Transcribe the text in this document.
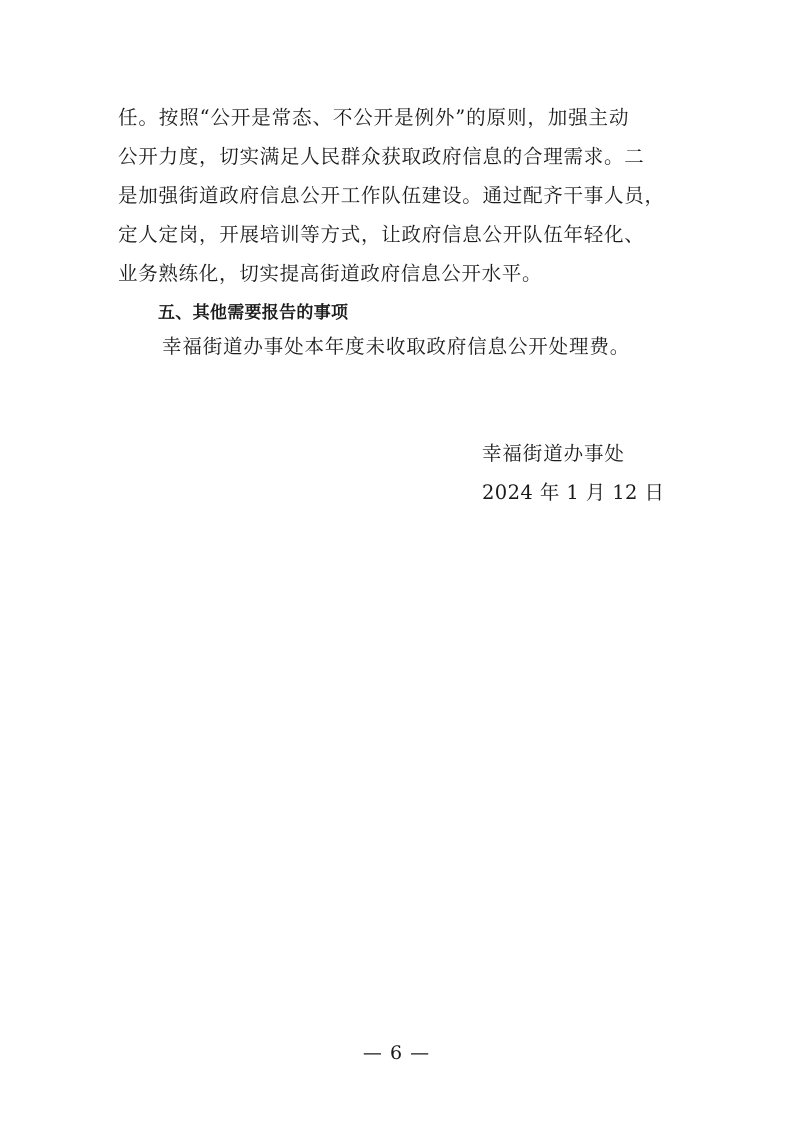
任。按照“公开是常态、不公开是例外”的原则，加强主动
公开力度，切实满足人民群众获取政府信息的合理需求。二
是加强街道政府信息公开工作队伍建设。通过配齐干事人员，
定人定岗，开展培训等方式，让政府信息公开队伍年轻化、
业务熟练化，切实提高街道政府信息公开水平。
五、其他需要报告的事项
幸福街道办事处本年度未收取政府信息公开处理费。
幸福街道办事处
2024 年 1 月 12 日
— 6 —
